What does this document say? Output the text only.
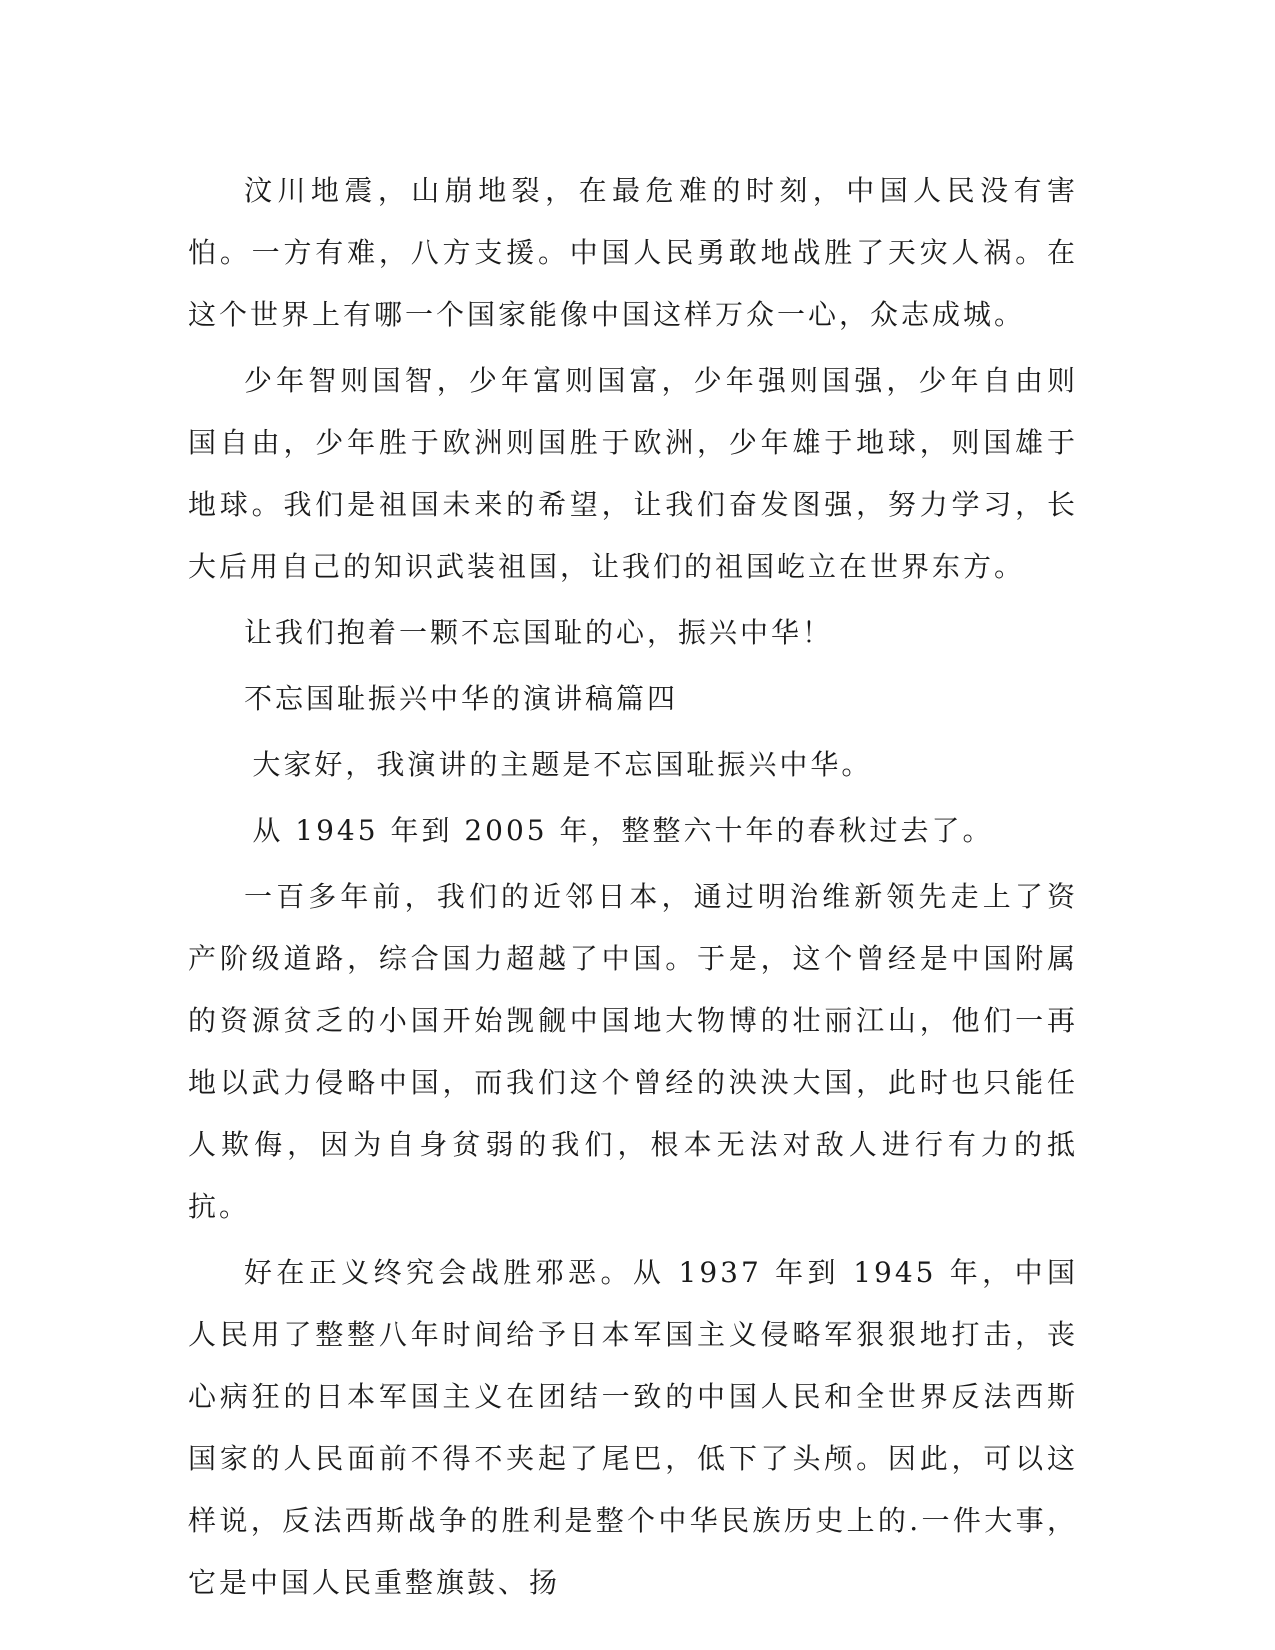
汶川地震，山崩地裂，在最危难的时刻，中国人民没有害怕。一方有难，八方支援。中国人民勇敢地战胜了天灾人祸。在这个世界上有哪一个国家能像中国这样万众一心，众志成城。

少年智则国智，少年富则国富，少年强则国强，少年自由则国自由，少年胜于欧洲则国胜于欧洲，少年雄于地球，则国雄于地球。我们是祖国未来的希望，让我们奋发图强，努力学习，长大后用自己的知识武装祖国，让我们的祖国屹立在世界东方。

让我们抱着一颗不忘国耻的心，振兴中华！

不忘国耻振兴中华的演讲稿篇四

大家好，我演讲的主题是不忘国耻振兴中华。

从 1945 年到 2005 年，整整六十年的春秋过去了。

一百多年前，我们的近邻日本，通过明治维新领先走上了资产阶级道路，综合国力超越了中国。于是，这个曾经是中国附属的资源贫乏的小国开始觊觎中国地大物博的壮丽江山，他们一再地以武力侵略中国，而我们这个曾经的泱泱大国，此时也只能任人欺侮，因为自身贫弱的我们，根本无法对敌人进行有力的抵抗。

好在正义终究会战胜邪恶。从 1937 年到 1945 年，中国人民用了整整八年时间给予日本军国主义侵略军狠狠地打击，丧心病狂的日本军国主义在团结一致的中国人民和全世界反法西斯国家的人民面前不得不夹起了尾巴，低下了头颅。因此，可以这样说，反法西斯战争的胜利是整个中华民族历史上的.一件大事，它是中国人民重整旗鼓、扬
